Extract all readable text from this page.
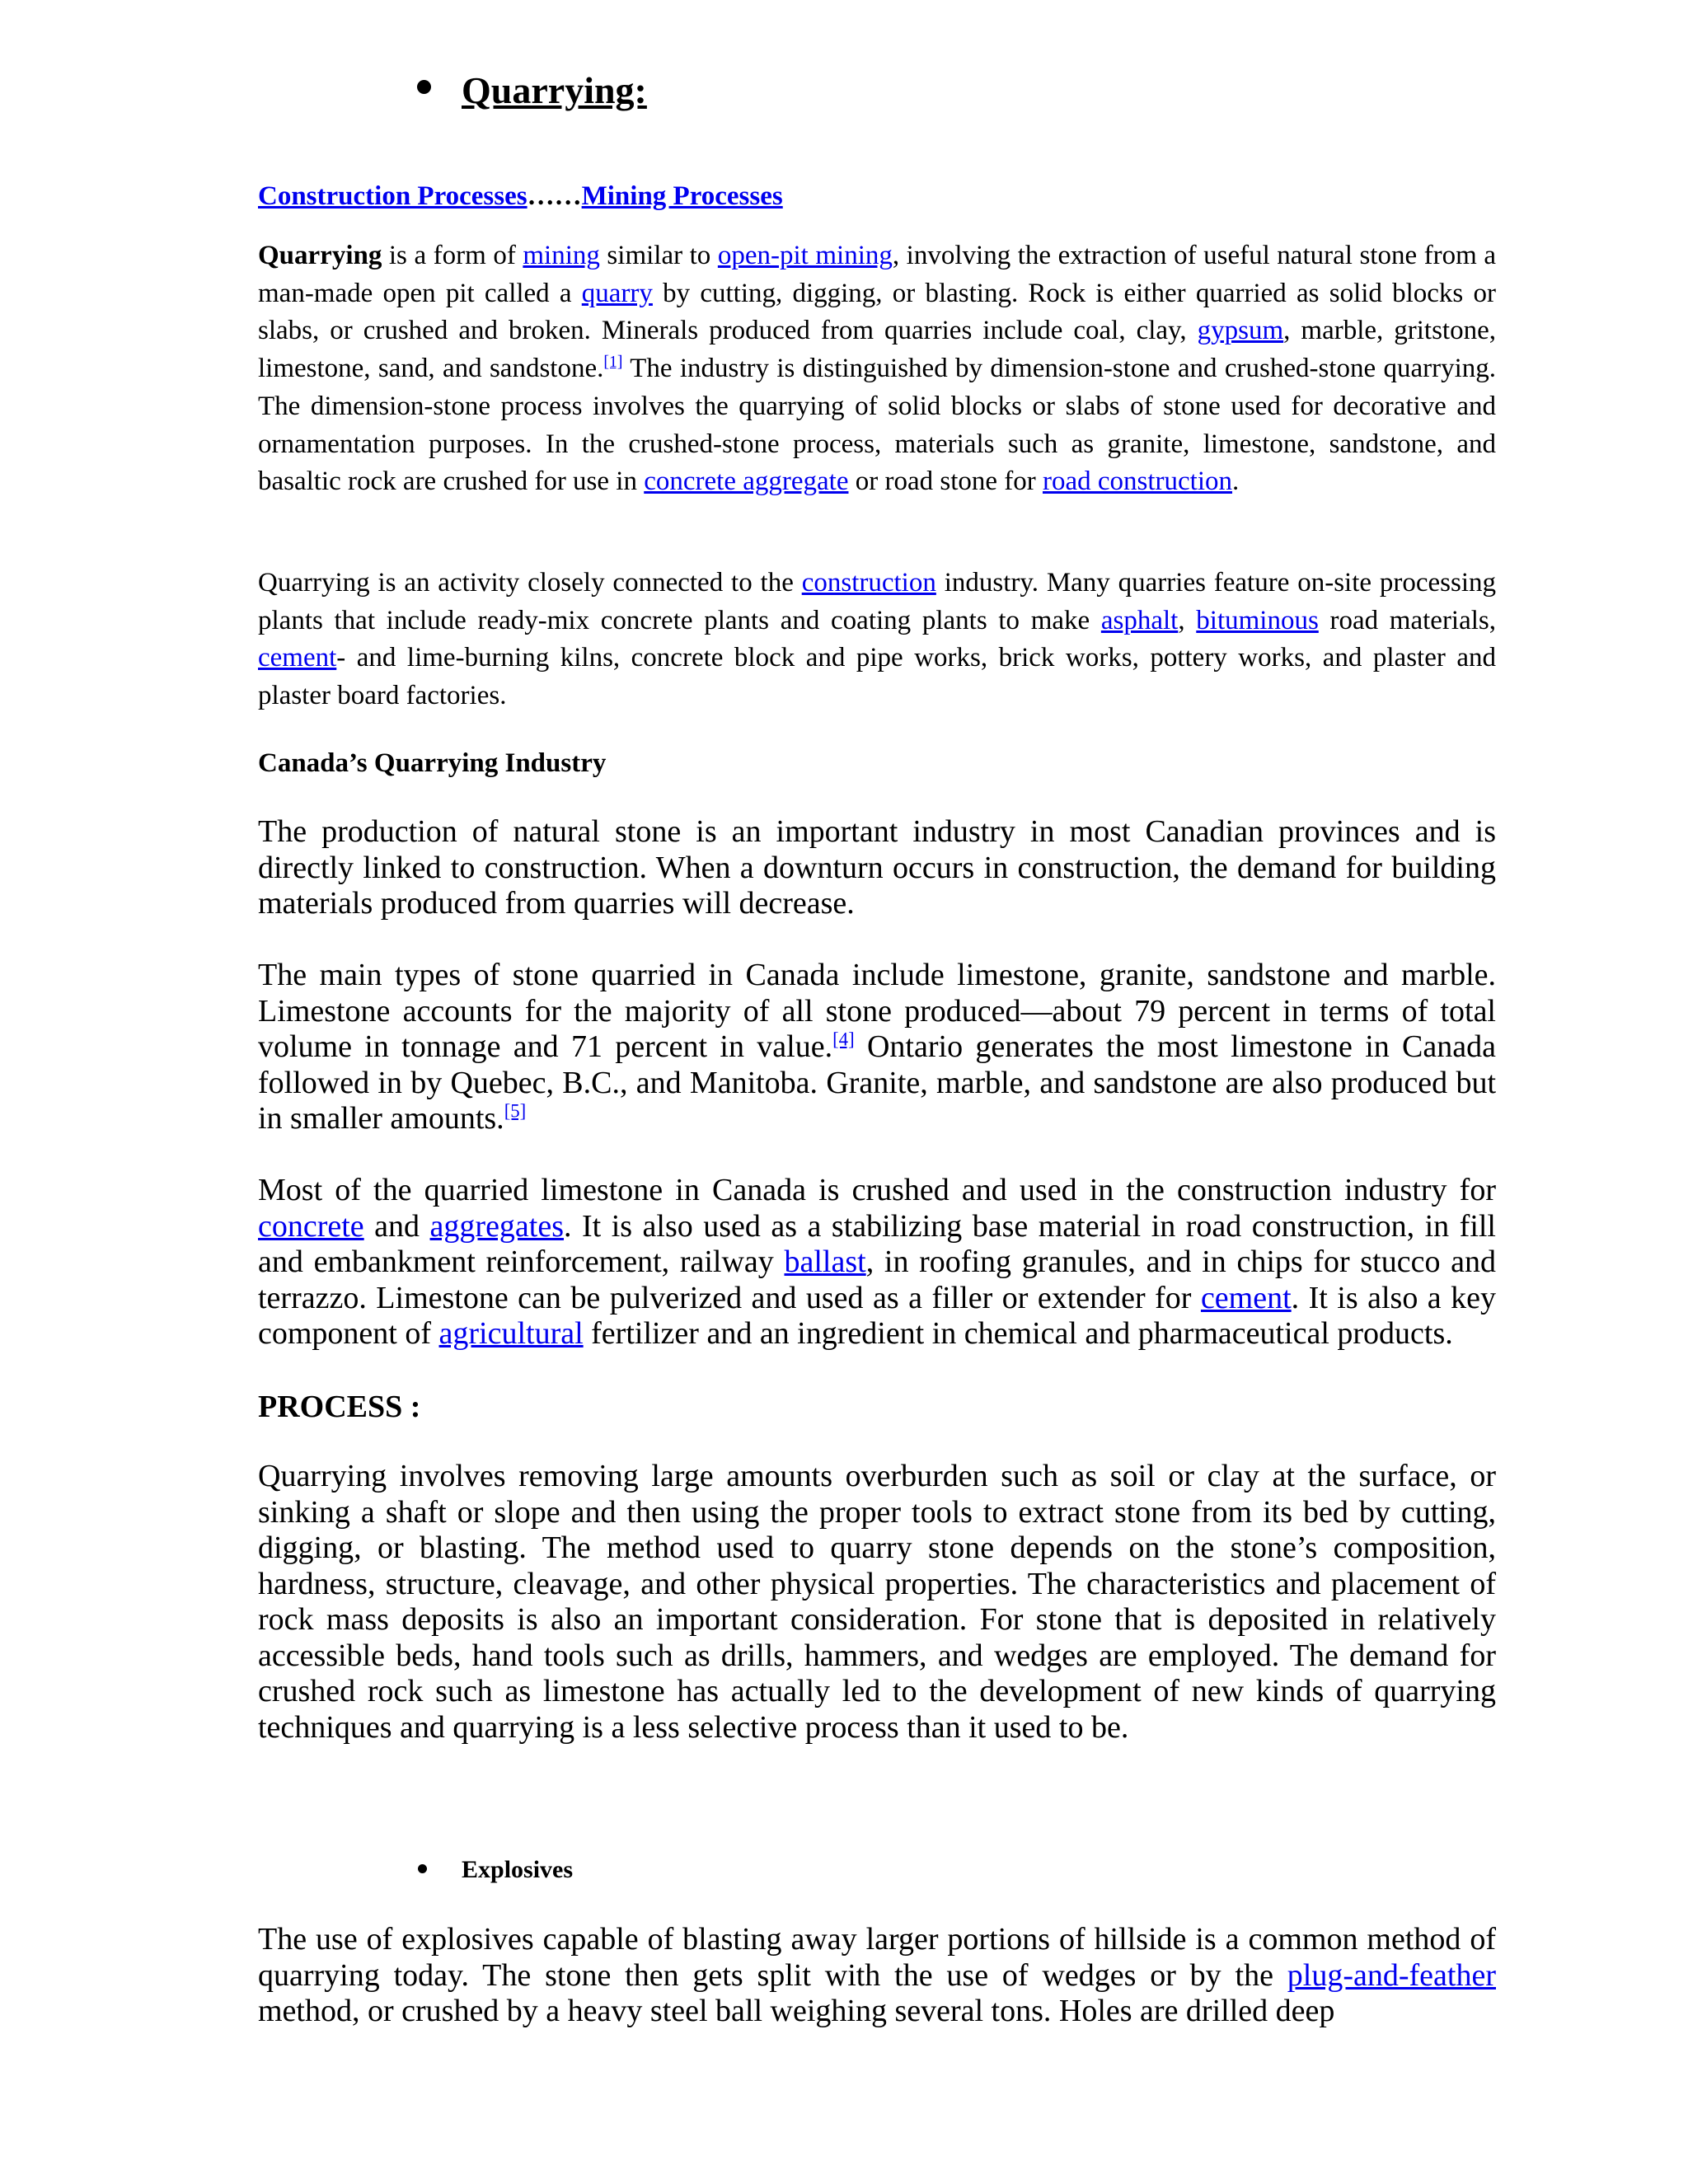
Quarrying:
Construction Processes……Mining Processes
Quarrying is a form of mining similar to open-pit mining, involving the extraction of useful natural stone from a man-made open pit called a quarry by cutting, digging, or blasting. Rock is either quarried as solid blocks or slabs, or crushed and broken. Minerals produced from quarries include coal, clay, gypsum, marble, gritstone, limestone, sand, and sandstone.[1] The industry is distinguished by dimension-stone and crushed-stone quarrying. The dimension-stone process involves the quarrying of solid blocks or slabs of stone used for decorative and ornamentation purposes. In the crushed-stone process, materials such as granite, limestone, sandstone, and basaltic rock are crushed for use in concrete aggregate or road stone for road construction.
Quarrying is an activity closely connected to the construction industry. Many quarries feature on-site processing plants that include ready-mix concrete plants and coating plants to make asphalt, bituminous road materials, cement- and lime-burning kilns, concrete block and pipe works, brick works, pottery works, and plaster and plaster board factories.
Canada’s Quarrying Industry
The production of natural stone is an important industry in most Canadian provinces and is directly linked to construction. When a downturn occurs in construction, the demand for building materials produced from quarries will decrease.
The main types of stone quarried in Canada include limestone, granite, sandstone and marble. Limestone accounts for the majority of all stone produced—about 79 percent in terms of total volume in tonnage and 71 percent in value.[4] Ontario generates the most limestone in Canada followed in by Quebec, B.C., and Manitoba. Granite, marble, and sandstone are also produced but in smaller amounts.[5]
Most of the quarried limestone in Canada is crushed and used in the construction industry for concrete and aggregates. It is also used as a stabilizing base material in road construction, in fill and embankment reinforcement, railway ballast, in roofing granules, and in chips for stucco and terrazzo. Limestone can be pulverized and used as a filler or extender for cement. It is also a key component of agricultural fertilizer and an ingredient in chemical and pharmaceutical products.
PROCESS :
Quarrying involves removing large amounts overburden such as soil or clay at the surface, or sinking a shaft or slope and then using the proper tools to extract stone from its bed by cutting, digging, or blasting. The method used to quarry stone depends on the stone’s composition, hardness, structure, cleavage, and other physical properties. The characteristics and placement of rock mass deposits is also an important consideration. For stone that is deposited in relatively accessible beds, hand tools such as drills, hammers, and wedges are employed. The demand for crushed rock such as limestone has actually led to the development of new kinds of quarrying techniques and quarrying is a less selective process than it used to be.
Explosives
The use of explosives capable of blasting away larger portions of hillside is a common method of quarrying today. The stone then gets split with the use of wedges or by the plug-and-feather method, or crushed by a heavy steel ball weighing several tons. Holes are drilled deep
